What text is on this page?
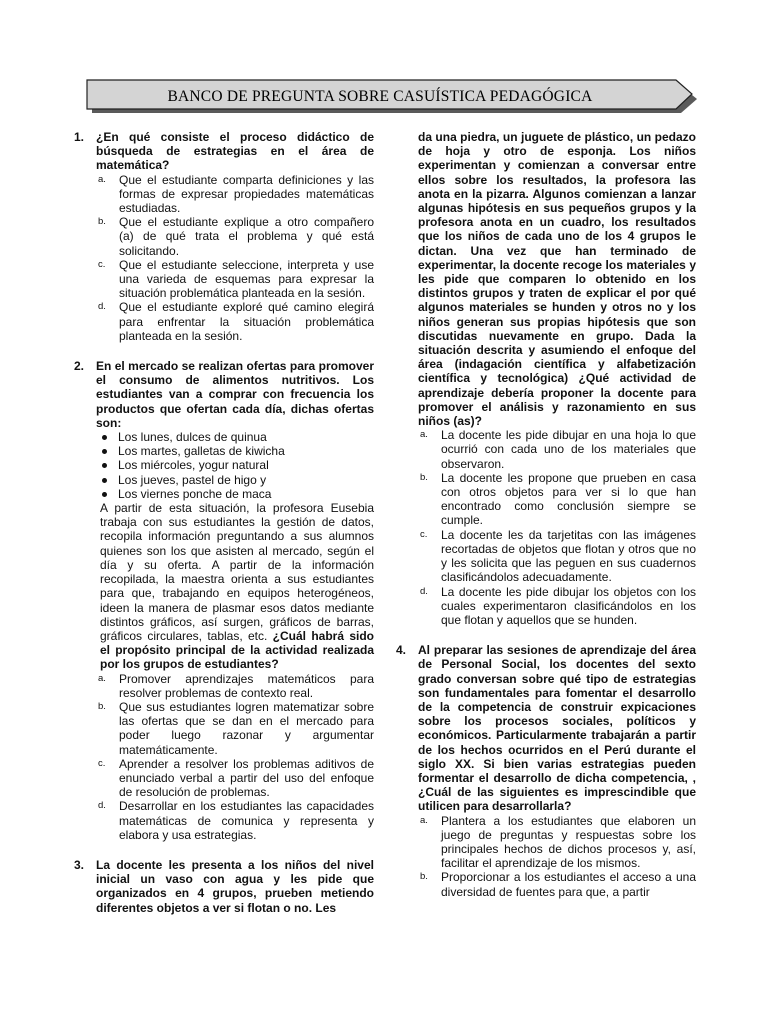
BANCO DE PREGUNTA SOBRE CASUÍSTICA PEDAGÓGICA
1. ¿En qué consiste el proceso didáctico de búsqueda de estrategias en el área de matemática?
a. Que el estudiante comparta definiciones y las formas de expresar propiedades matemáticas estudiadas.
b. Que el estudiante explique a otro compañero (a) de qué trata el problema y qué está solicitando.
c. Que el estudiante seleccione, interpreta y use una varieda de esquemas para expresar la situación problemática planteada en la sesión.
d. Que el estudiante exploré qué camino elegirá para enfrentar la situación problemática planteada en la sesión.
2. En el mercado se realizan ofertas para promover el consumo de alimentos nutritivos. Los estudiantes van a comprar con frecuencia los productos que ofertan cada día, dichas ofertas son:
Los lunes, dulces de quinua
Los martes, galletas de kiwicha
Los miércoles, yogur natural
Los jueves, pastel de higo y
Los viernes ponche de maca
A partir de esta situación, la profesora Eusebia trabaja con sus estudiantes la gestión de datos, recopila información preguntando a sus alumnos quienes son los que asisten al mercado, según el día y su oferta. A partir de la información recopilada, la maestra orienta a sus estudiantes para que, trabajando en equipos heterogéneos, ideen la manera de plasmar esos datos mediante distintos gráficos, así surgen, gráficos de barras, gráficos circulares, tablas, etc. ¿Cuál habrá sido el propósito principal de la actividad realizada por los grupos de estudiantes?
a. Promover aprendizajes matemáticos para resolver problemas de contexto real.
b. Que sus estudiantes logren matematizar sobre las ofertas que se dan en el mercado para poder luego razonar y argumentar matemáticamente.
c. Aprender a resolver los problemas aditivos de enunciado verbal a partir del uso del enfoque de resolución de problemas.
d. Desarrollar en los estudiantes las capacidades matemáticas de comunica y representa y elabora y usa estrategias.
3. La docente les presenta a los niños del nivel inicial un vaso con agua y les pide que organizados en 4 grupos, prueben metiendo diferentes objetos a ver si flotan o no. Les
da una piedra, un juguete de plástico, un pedazo de hoja y otro de esponja. Los niños experimentan y comienzan a conversar entre ellos sobre los resultados, la profesora las anota en la pizarra. Algunos comienzan a lanzar algunas hipótesis en sus pequeños grupos y la profesora anota en un cuadro, los resultados que los niños de cada uno de los 4 grupos le dictan. Una vez que han terminado de experimentar, la docente recoge los materiales y les pide que comparen lo obtenido en los distintos grupos y traten de explicar el por qué algunos materiales se hunden y otros no y los niños generan sus propias hipótesis que son discutidas nuevamente en grupo. Dada la situación descrita y asumiendo el enfoque del área (indagación científica y alfabetización científica y tecnológica) ¿Qué actividad de aprendizaje debería proponer la docente para promover el análisis y razonamiento en sus niños (as)?
a. La docente les pide dibujar en una hoja lo que ocurrió con cada uno de los materiales que observaron.
b. La docente les propone que prueben en casa con otros objetos para ver si lo que han encontrado como conclusión siempre se cumple.
c. La docente les da tarjetitas con las imágenes recortadas de objetos que flotan y otros que no y les solicita que las peguen en sus cuadernos clasificándolos adecuadamente.
d. La docente les pide dibujar los objetos con los cuales experimentaron clasificándolos en los que flotan y aquellos que se hunden.
4. Al preparar las sesiones de aprendizaje del área de Personal Social, los docentes del sexto grado conversan sobre qué tipo de estrategias son fundamentales para fomentar el desarrollo de la competencia de construir expicaciones sobre los procesos sociales, políticos y económicos. Particularmente trabajarán a partir de los hechos ocurridos en el Perú durante el siglo XX. Si bien varias estrategias pueden formentar el desarrollo de dicha competencia, , ¿Cuál de las siguientes es imprescindible que utilicen para desarrollarla?
a. Plantera a los estudiantes que elaboren un juego de preguntas y respuestas sobre los principales hechos de dichos procesos y, así, facilitar el aprendizaje de los mismos.
b. Proporcionar a los estudiantes el acceso a una diversidad de fuentes para que, a partir
